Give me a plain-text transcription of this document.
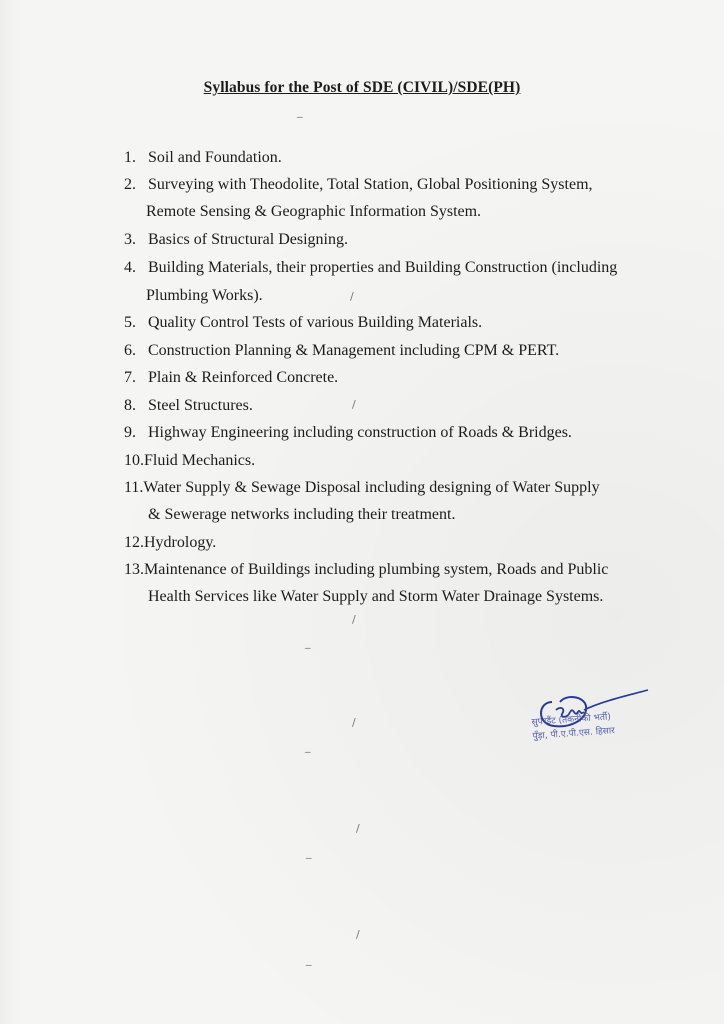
Syllabus for the Post of SDE (CIVIL)/SDE(PH)
1.  Soil and Foundation.
2.  Surveying with Theodolite, Total Station, Global Positioning System,
Remote Sensing & Geographic Information System.
3.  Basics of Structural Designing.
4.  Building Materials, their properties and Building Construction (including
Plumbing Works).
5.  Quality Control Tests of various Building Materials.
6.  Construction Planning & Management including CPM & PERT.
7.  Plain & Reinforced Concrete.
8.  Steel Structures.
9.  Highway Engineering including construction of Roads & Bridges.
10.Fluid Mechanics.
11.Water Supply & Sewage Disposal including designing of Water Supply
& Sewerage networks including their treatment.
12.Hydrology.
13.Maintenance of Buildings including plumbing system, Roads and Public
Health Services like Water Supply and Storm Water Drainage Systems.
सुपरडैंट (तकनीकी भर्ती)
पुँड़ा, पी.ए.पी.एस. हिसार
‾
/
/
/
‾
/
‾
/
‾
/
‾
